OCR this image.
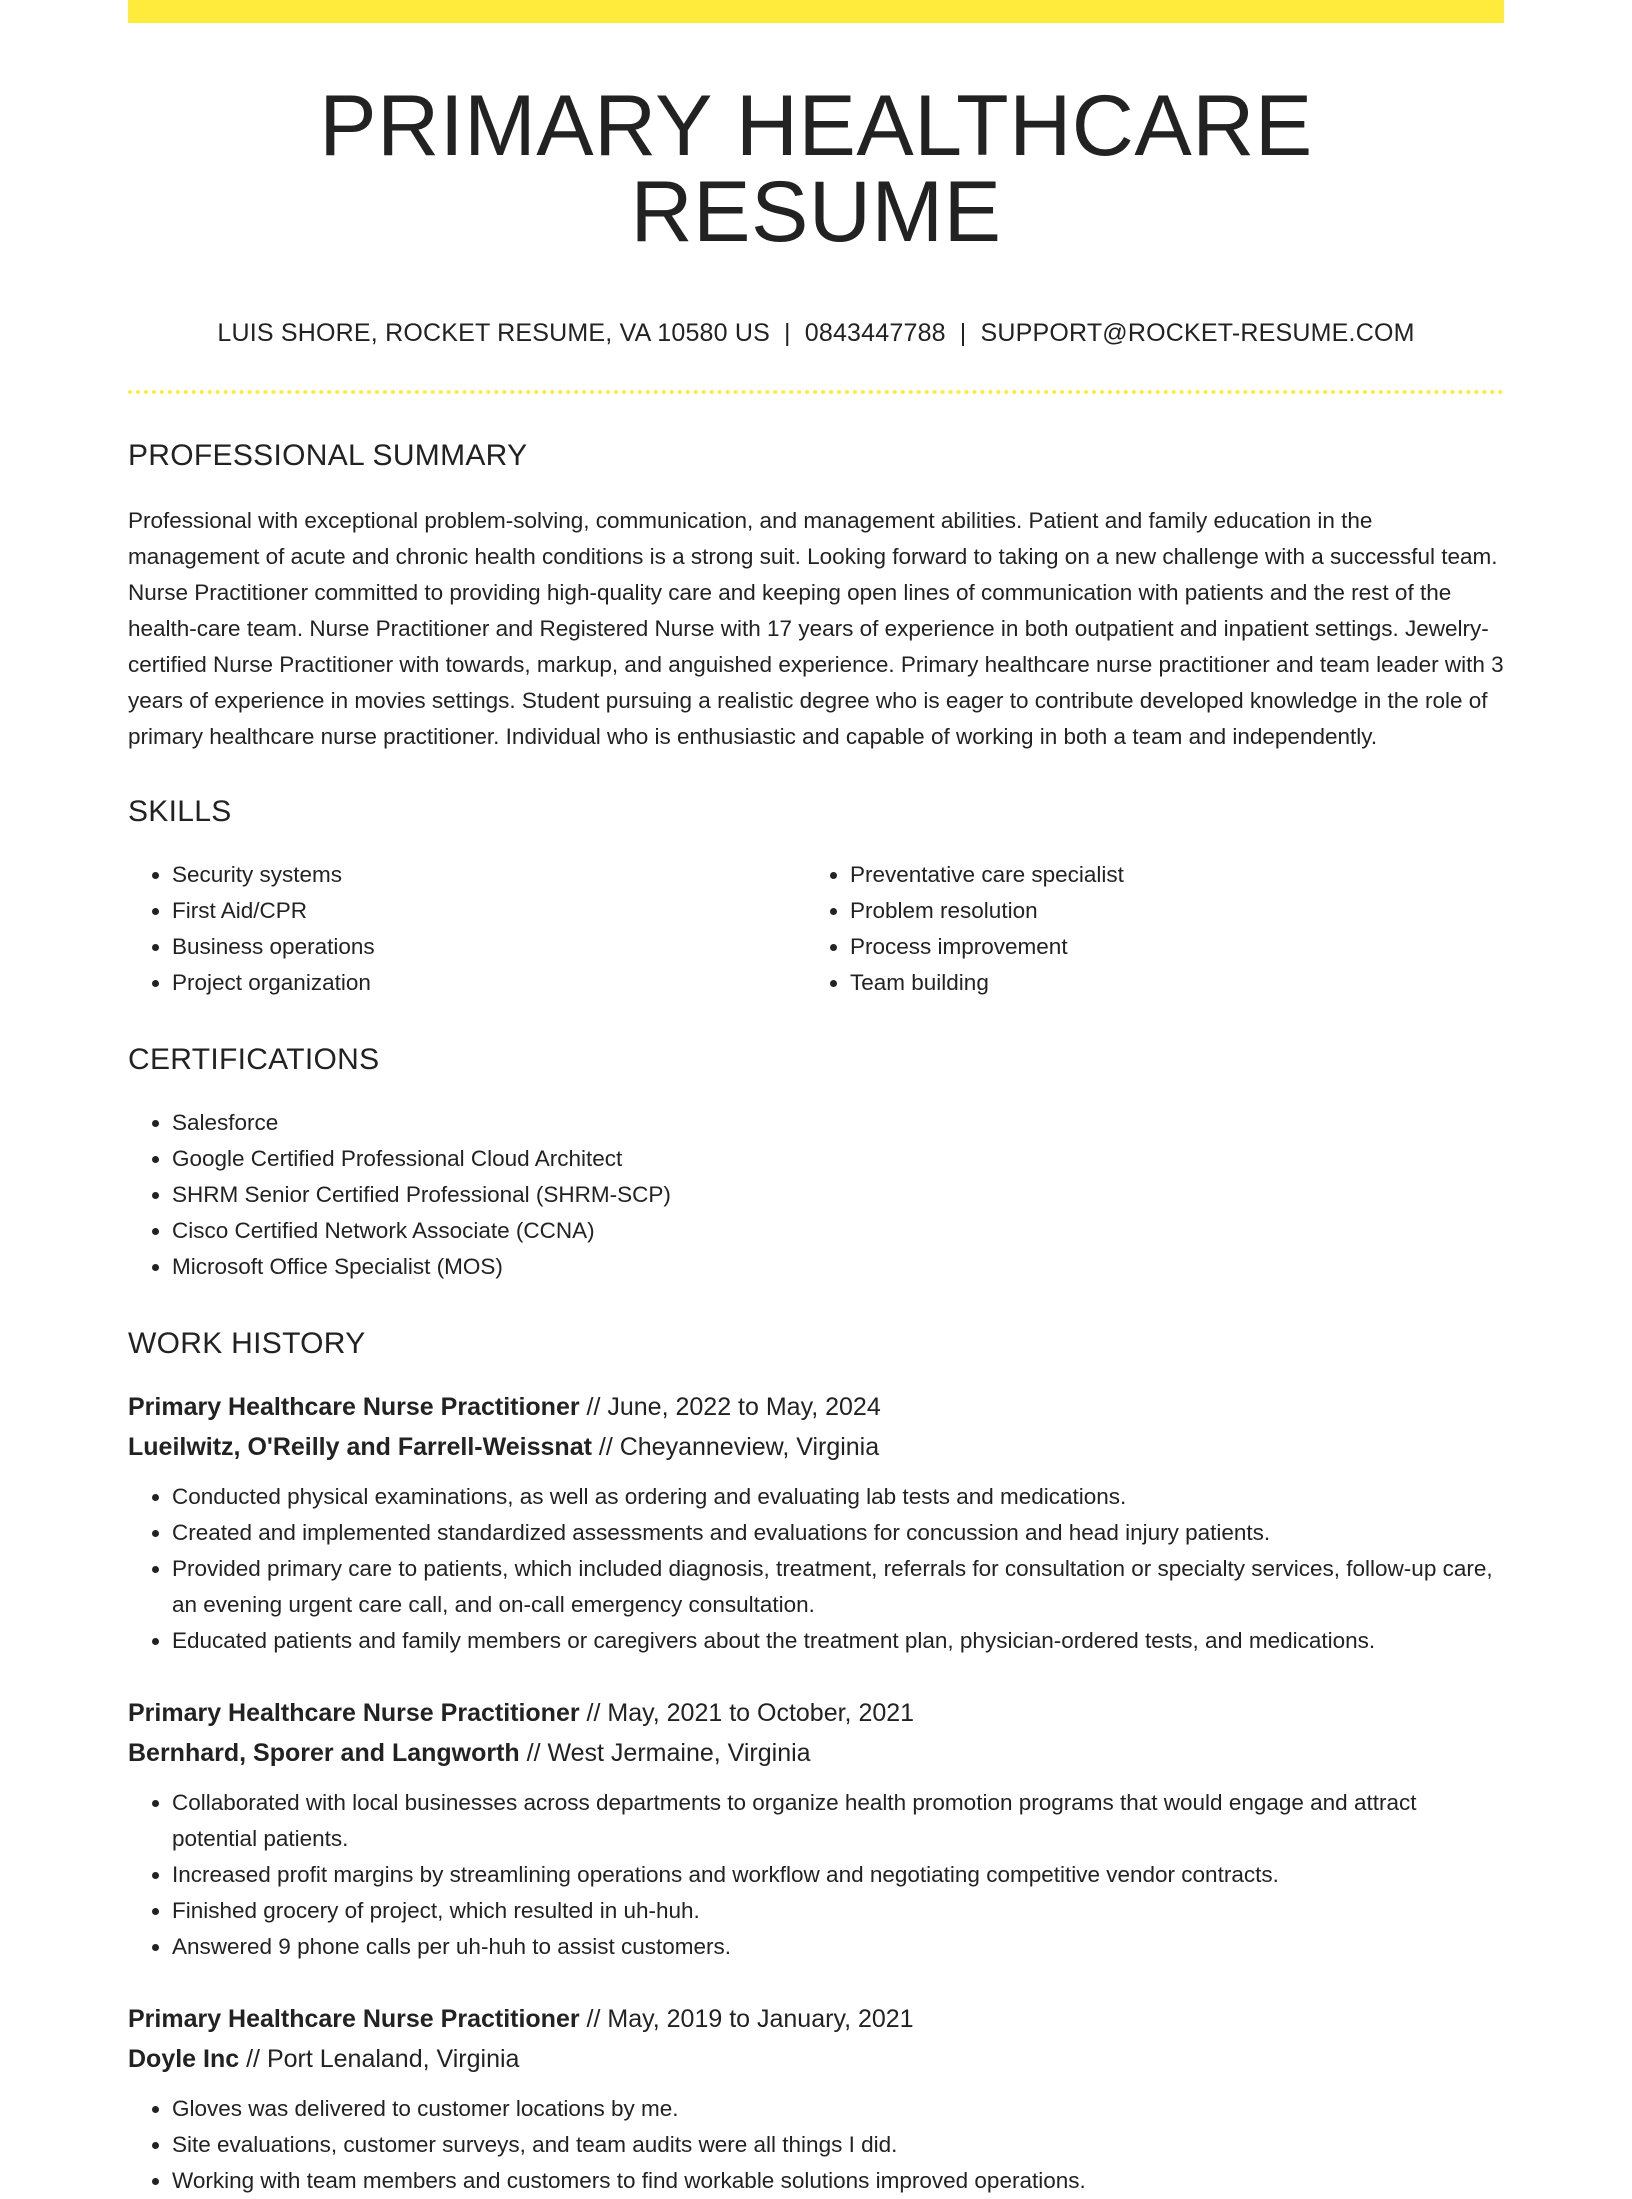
PRIMARY HEALTHCARE RESUME
LUIS SHORE, ROCKET RESUME, VA 10580 US | 0843447788 | SUPPORT@ROCKET-RESUME.COM
PROFESSIONAL SUMMARY
Professional with exceptional problem-solving, communication, and management abilities. Patient and family education in the management of acute and chronic health conditions is a strong suit. Looking forward to taking on a new challenge with a successful team. Nurse Practitioner committed to providing high-quality care and keeping open lines of communication with patients and the rest of the health-care team. Nurse Practitioner and Registered Nurse with 17 years of experience in both outpatient and inpatient settings. Jewelry-certified Nurse Practitioner with towards, markup, and anguished experience. Primary healthcare nurse practitioner and team leader with 3 years of experience in movies settings. Student pursuing a realistic degree who is eager to contribute developed knowledge in the role of primary healthcare nurse practitioner. Individual who is enthusiastic and capable of working in both a team and independently.
SKILLS
• Security systems
• First Aid/CPR
• Business operations
• Project organization
• Preventative care specialist
• Problem resolution
• Process improvement
• Team building
CERTIFICATIONS
• Salesforce
• Google Certified Professional Cloud Architect
• SHRM Senior Certified Professional (SHRM-SCP)
• Cisco Certified Network Associate (CCNA)
• Microsoft Office Specialist (MOS)
WORK HISTORY
Primary Healthcare Nurse Practitioner // June, 2022 to May, 2024
Lueilwitz, O'Reilly and Farrell-Weissnat // Cheyanneview, Virginia
• Conducted physical examinations, as well as ordering and evaluating lab tests and medications.
• Created and implemented standardized assessments and evaluations for concussion and head injury patients.
• Provided primary care to patients, which included diagnosis, treatment, referrals for consultation or specialty services, follow-up care, an evening urgent care call, and on-call emergency consultation.
• Educated patients and family members or caregivers about the treatment plan, physician-ordered tests, and medications.
Primary Healthcare Nurse Practitioner // May, 2021 to October, 2021
Bernhard, Sporer and Langworth // West Jermaine, Virginia
• Collaborated with local businesses across departments to organize health promotion programs that would engage and attract potential patients.
• Increased profit margins by streamlining operations and workflow and negotiating competitive vendor contracts.
• Finished grocery of project, which resulted in uh-huh.
• Answered 9 phone calls per uh-huh to assist customers.
Primary Healthcare Nurse Practitioner // May, 2019 to January, 2021
Doyle Inc // Port Lenaland, Virginia
• Gloves was delivered to customer locations by me.
• Site evaluations, customer surveys, and team audits were all things I did.
• Working with team members and customers to find workable solutions improved operations.
